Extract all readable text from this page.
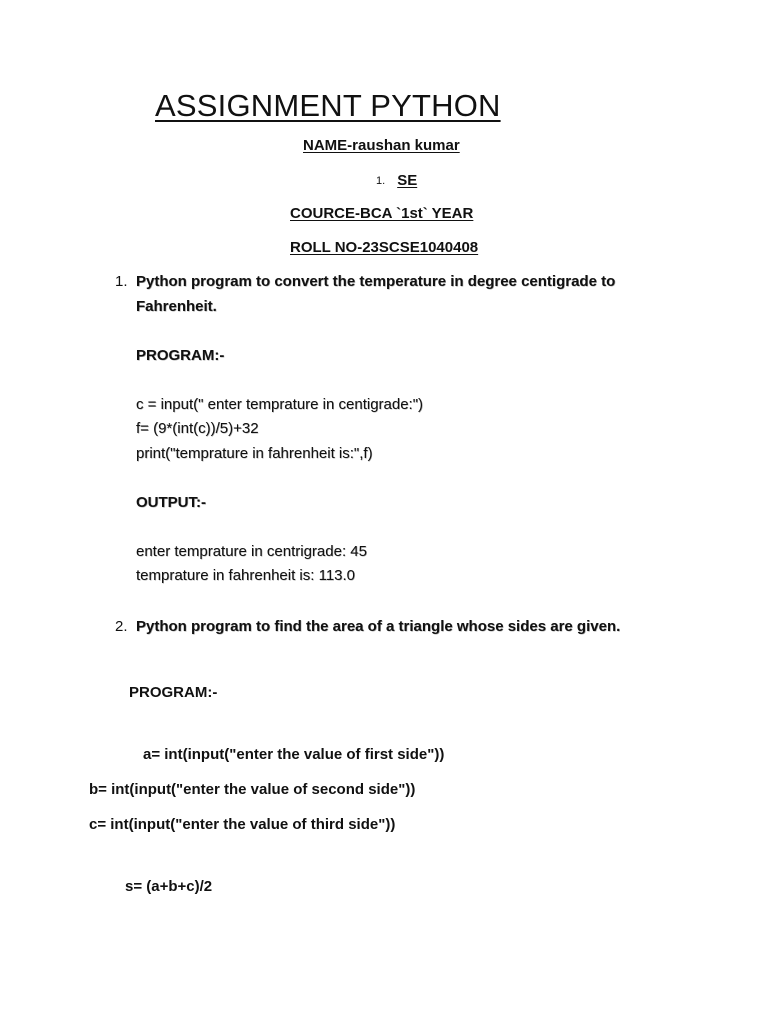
ASSIGNMENT PYTHON
NAME-raushan kumar
1. SE
COURCE-BCA `1st` YEAR
ROLL NO-23SCSE1040408
1. Python program to convert the temperature in degree centigrade to
Fahrenheit.
PROGRAM:-
c = input(" enter temprature in centigrade:")
f= (9*(int(c))/5)+32
print("temprature in fahrenheit is:",f)
OUTPUT:-
enter temprature in centrigrade: 45
temprature in fahrenheit is: 113.0
2. Python program to find the area of a triangle whose sides are given.
PROGRAM:-
a= int(input("enter the value of first side"))
b= int(input("enter the value of second side"))
c= int(input("enter the value of third side"))
s= (a+b+c)/2
